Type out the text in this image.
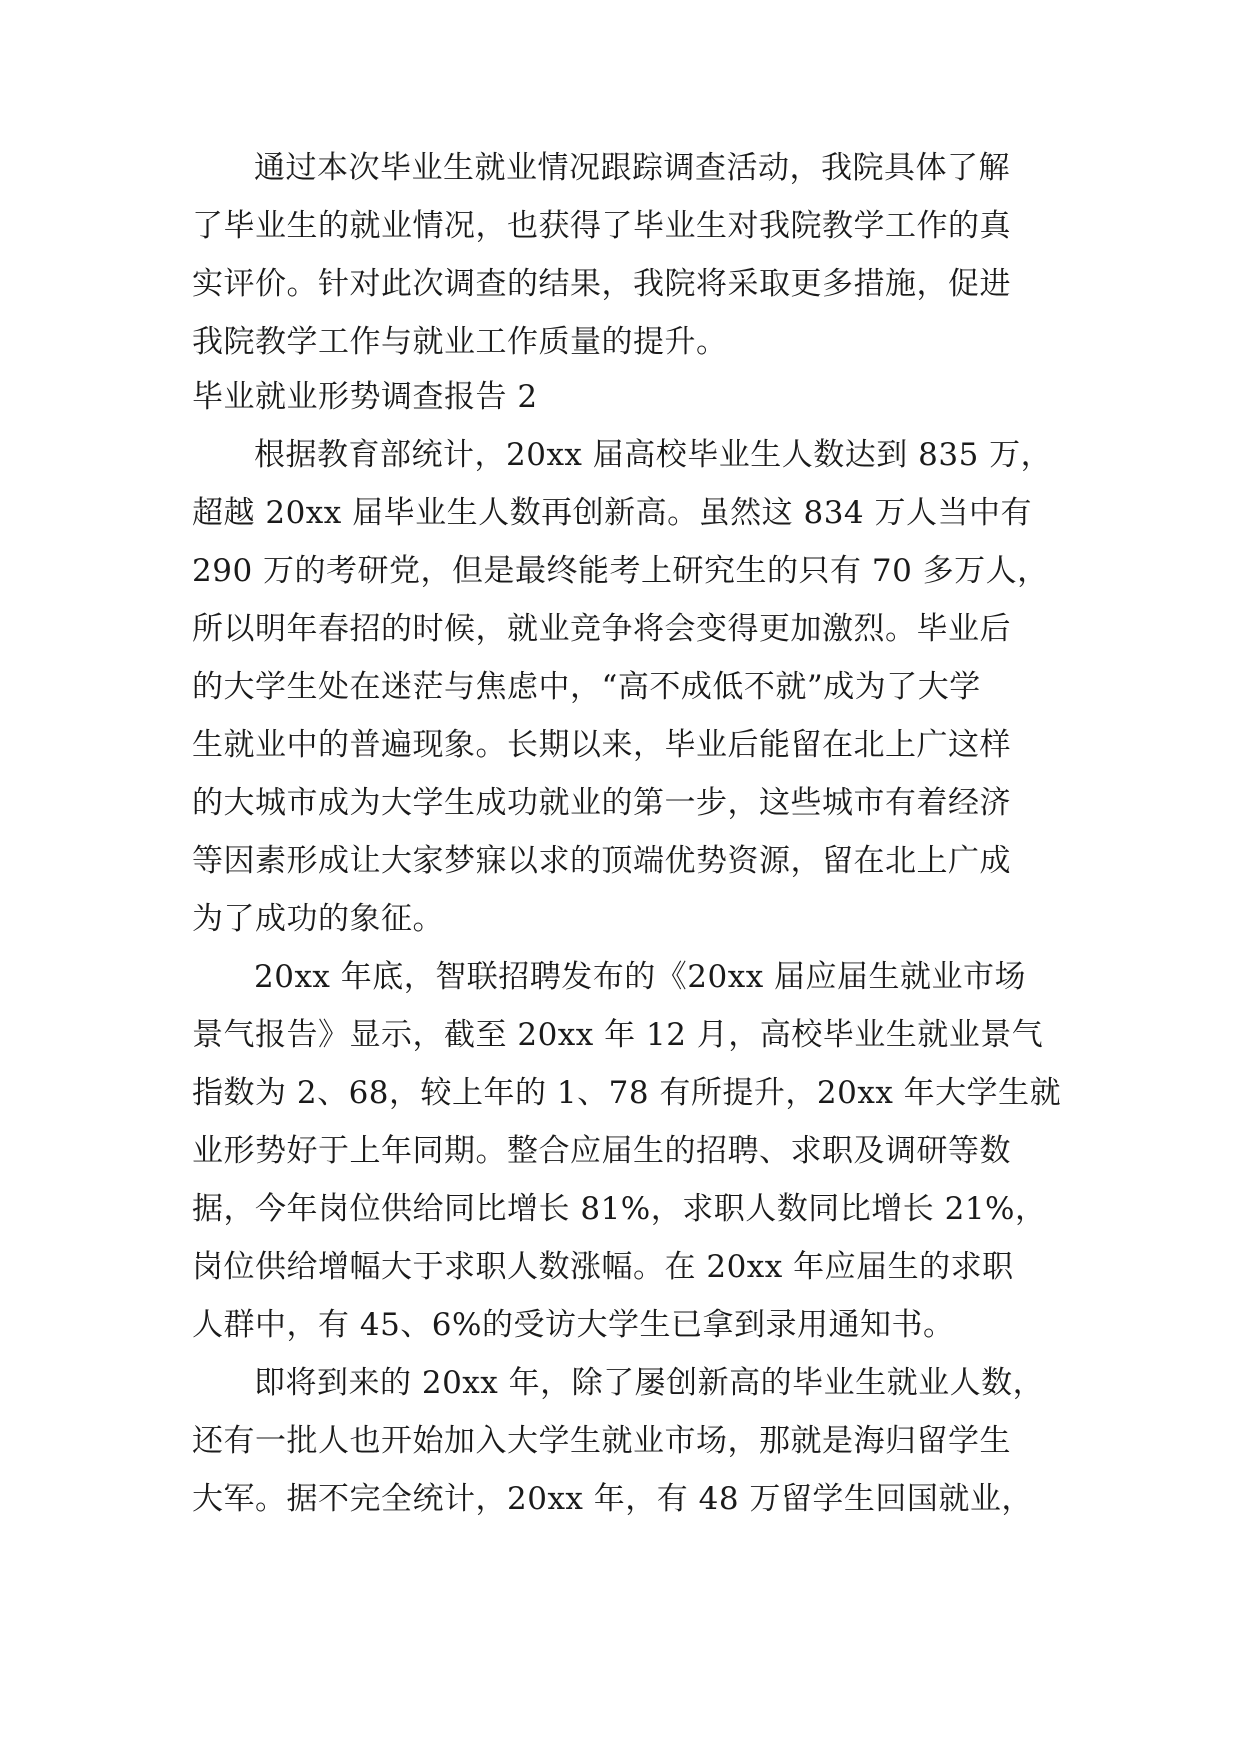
通过本次毕业生就业情况跟踪调查活动，我院具体了解
了毕业生的就业情况，也获得了毕业生对我院教学工作的真
实评价。针对此次调查的结果，我院将采取更多措施，促进
我院教学工作与就业工作质量的提升。
毕业就业形势调查报告 2
根据教育部统计，20xx 届高校毕业生人数达到 835 万，
超越 20xx 届毕业生人数再创新高。虽然这 834 万人当中有
290 万的考研党，但是最终能考上研究生的只有 70 多万人，
所以明年春招的时候，就业竞争将会变得更加激烈。毕业后
的大学生处在迷茫与焦虑中，“高不成低不就”成为了大学
生就业中的普遍现象。长期以来，毕业后能留在北上广这样
的大城市成为大学生成功就业的第一步，这些城市有着经济
等因素形成让大家梦寐以求的顶端优势资源，留在北上广成
为了成功的象征。
20xx 年底，智联招聘发布的《20xx 届应届生就业市场
景气报告》显示，截至 20xx 年 12 月，高校毕业生就业景气
指数为 2、68，较上年的 1、78 有所提升，20xx 年大学生就
业形势好于上年同期。整合应届生的招聘、求职及调研等数
据，今年岗位供给同比增长 81%，求职人数同比增长 21%，
岗位供给增幅大于求职人数涨幅。在 20xx 年应届生的求职
人群中，有 45、6%的受访大学生已拿到录用通知书。
即将到来的 20xx 年，除了屡创新高的毕业生就业人数，
还有一批人也开始加入大学生就业市场，那就是海归留学生
大军。据不完全统计，20xx 年，有 48 万留学生回国就业，
